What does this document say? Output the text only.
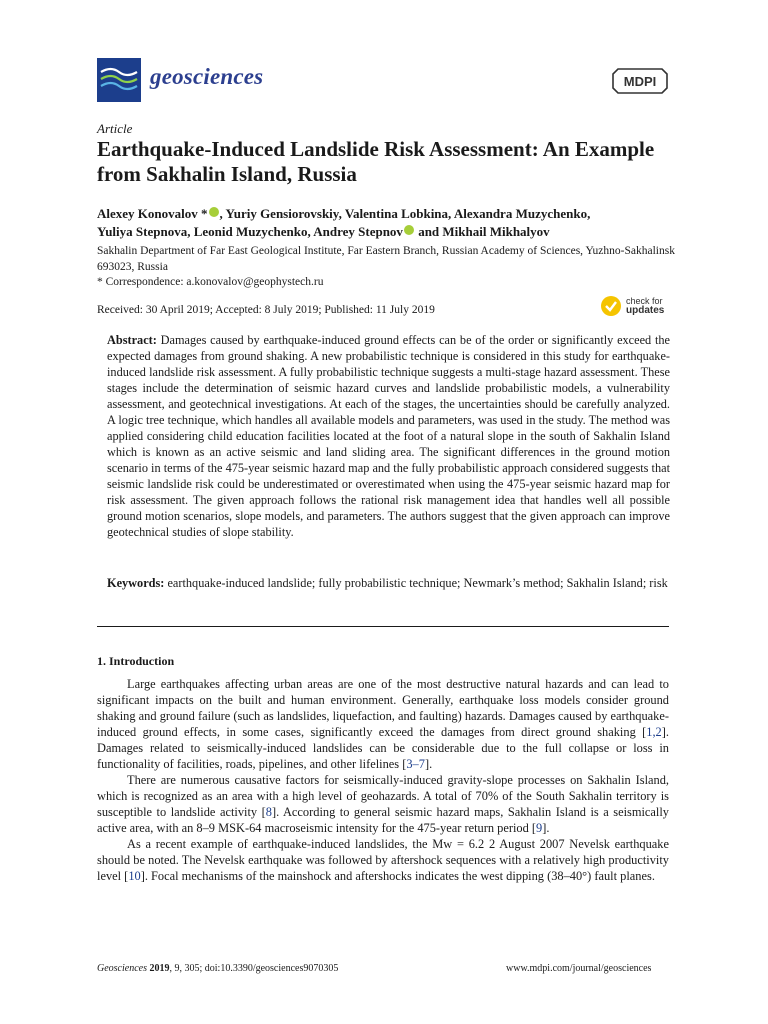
geosciences	MDPI
Article
Earthquake-Induced Landslide Risk Assessment: An Example from Sakhalin Island, Russia
Alexey Konovalov * , Yuriy Gensiorovskiy, Valentina Lobkina, Alexandra Muzychenko,
Yuliya Stepnova, Leonid Muzychenko, Andrey Stepnov and Mikhail Mikhalyov
Sakhalin Department of Far East Geological Institute, Far Eastern Branch, Russian Academy of Sciences, Yuzhno-Sakhalinsk 693023, Russia
* Correspondence: a.konovalov@geophystech.ru
Received: 30 April 2019; Accepted: 8 July 2019; Published: 11 July 2019
check for
updates
Abstract: Damages caused by earthquake-induced ground effects can be of the order or significantly exceed the expected damages from ground shaking. A new probabilistic technique is considered in this study for earthquake-induced landslide risk assessment. A fully probabilistic technique suggests a multi-stage hazard assessment. These stages include the determination of seismic hazard curves and landslide probabilistic models, a vulnerability assessment, and geotechnical investigations. At each of the stages, the uncertainties should be carefully analyzed. A logic tree technique, which handles all available models and parameters, was used in the study. The method was applied considering child education facilities located at the foot of a natural slope in the south of Sakhalin Island which is known as an active seismic and land sliding area. The significant differences in the ground motion scenario in terms of the 475-year seismic hazard map and the fully probabilistic approach considered suggests that seismic landslide risk could be underestimated or overestimated when using the 475-year seismic hazard map for risk assessment. The given approach follows the rational risk management idea that handles well all possible ground motion scenarios, slope models, and parameters. The authors suggest that the given approach can improve geotechnical studies of slope stability.
Keywords: earthquake-induced landslide; fully probabilistic technique; Newmark’s method; Sakhalin Island; risk
1. Introduction

Large earthquakes affecting urban areas are one of the most destructive natural hazards and can lead to significant impacts on the built and human environment. Generally, earthquake loss models consider ground shaking and ground failure (such as landslides, liquefaction, and faulting) hazards. Damages caused by earthquake-induced ground effects, in some cases, significantly exceed the damages from direct ground shaking [1,2]. Damages related to seismically-induced landslides can be considerable due to the full collapse or loss in functionality of facilities, roads, pipelines, and other lifelines [3–7].

There are numerous causative factors for seismically-induced gravity-slope processes on Sakhalin Island, which is recognized as an area with a high level of geohazards. A total of 70% of the South Sakhalin territory is susceptible to landslide activity [8]. According to general seismic hazard maps, Sakhalin Island is a seismically active area, with an 8–9 MSK-64 macroseismic intensity for the 475-year return period [9].

As a recent example of earthquake-induced landslides, the Mw = 6.2 2 August 2007 Nevelsk earthquake should be noted. The Nevelsk earthquake was followed by aftershock sequences with a relatively high productivity level [10]. Focal mechanisms of the mainshock and aftershocks indicates the west dipping (38–40°) fault planes.

Geosciences 2019, 9, 305; doi:10.3390/geosciences9070305	www.mdpi.com/journal/geosciences
